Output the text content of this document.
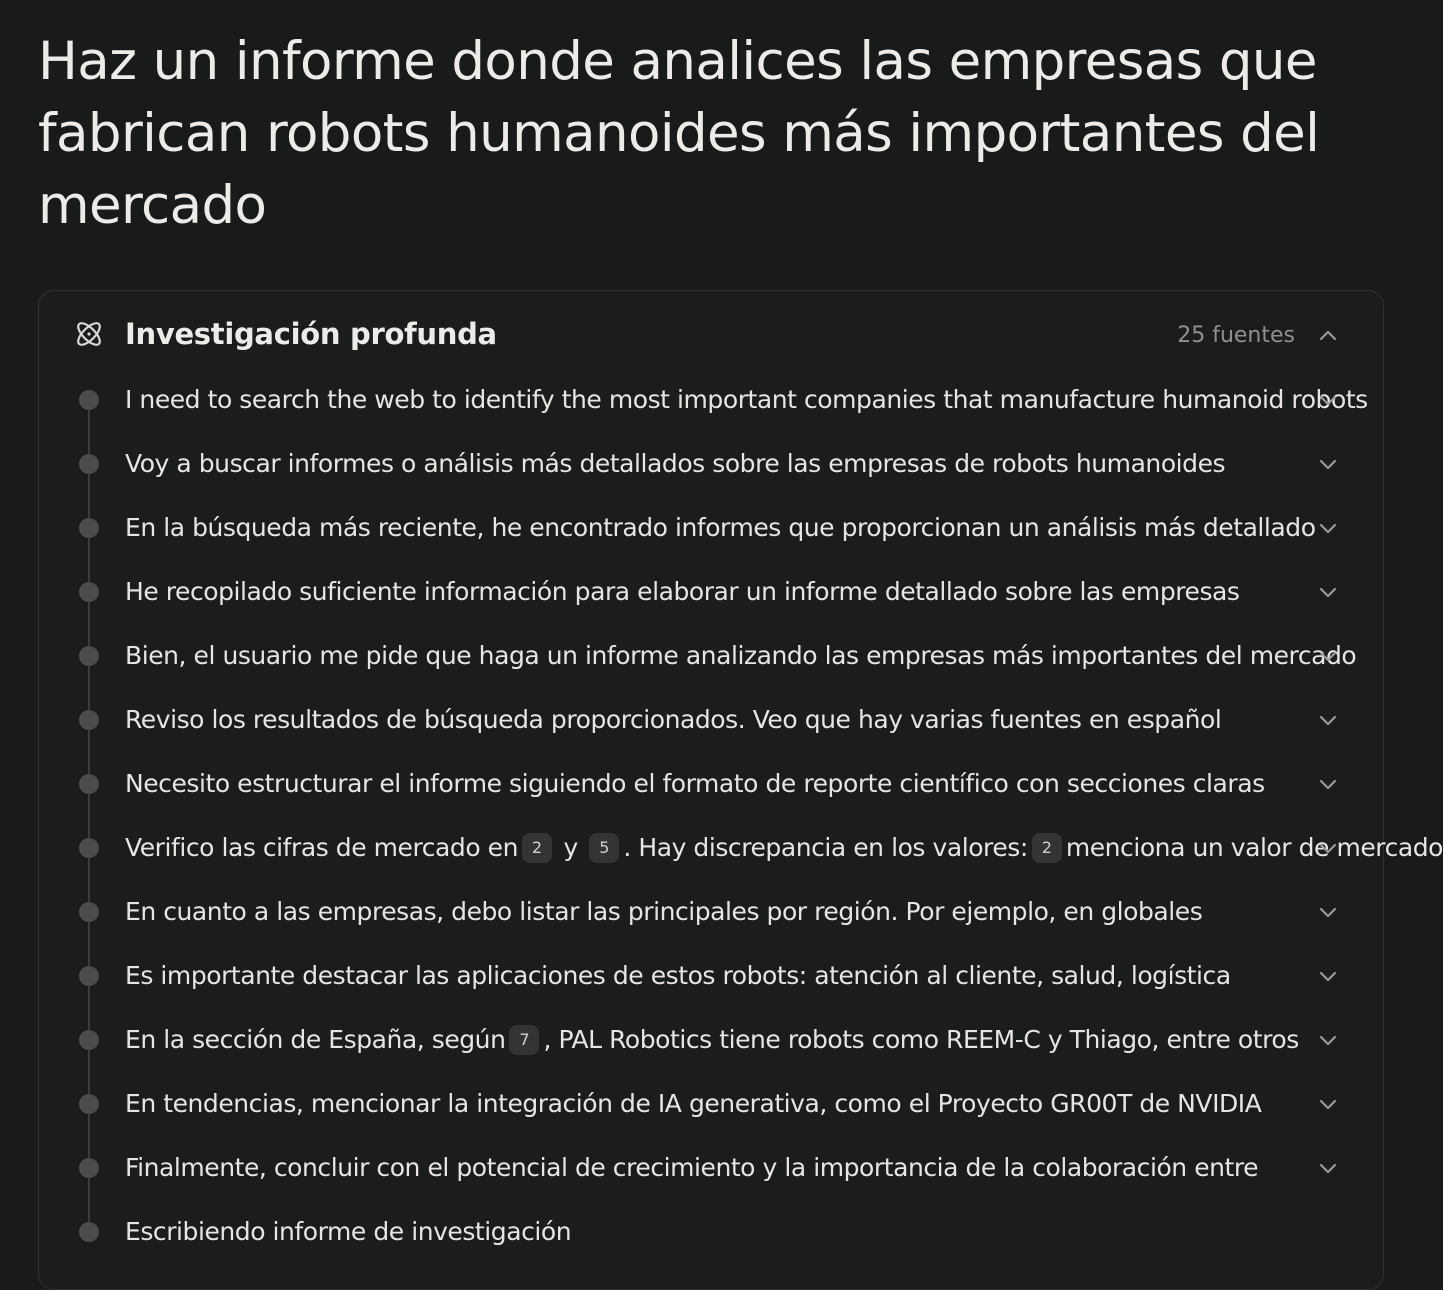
Haz un informe donde analices las empresas que fabrican robots humanoides más importantes del mercado
Investigación profunda	25 fuentes
I need to search the web to identify the most important companies that manufacture humanoid robots
Voy a buscar informes o análisis más detallados sobre las empresas de robots humanoides
En la búsqueda más reciente, he encontrado informes que proporcionan un análisis más detallado
He recopilado suficiente información para elaborar un informe detallado sobre las empresas
Bien, el usuario me pide que haga un informe analizando las empresas más importantes del mercado
Reviso los resultados de búsqueda proporcionados. Veo que hay varias fuentes en español
Necesito estructurar el informe siguiendo el formato de reporte científico con secciones claras
Verifico las cifras de mercado en 2 y 5 . Hay discrepancia en los valores: 2 menciona un valor de mercado
En cuanto a las empresas, debo listar las principales por región. Por ejemplo, en globales
Es importante destacar las aplicaciones de estos robots: atención al cliente, salud, logística
En la sección de España, según 7 , PAL Robotics tiene robots como REEM-C y Thiago, entre otros
En tendencias, mencionar la integración de IA generativa, como el Proyecto GR00T de NVIDIA
Finalmente, concluir con el potencial de crecimiento y la importancia de la colaboración entre
Escribiendo informe de investigación
